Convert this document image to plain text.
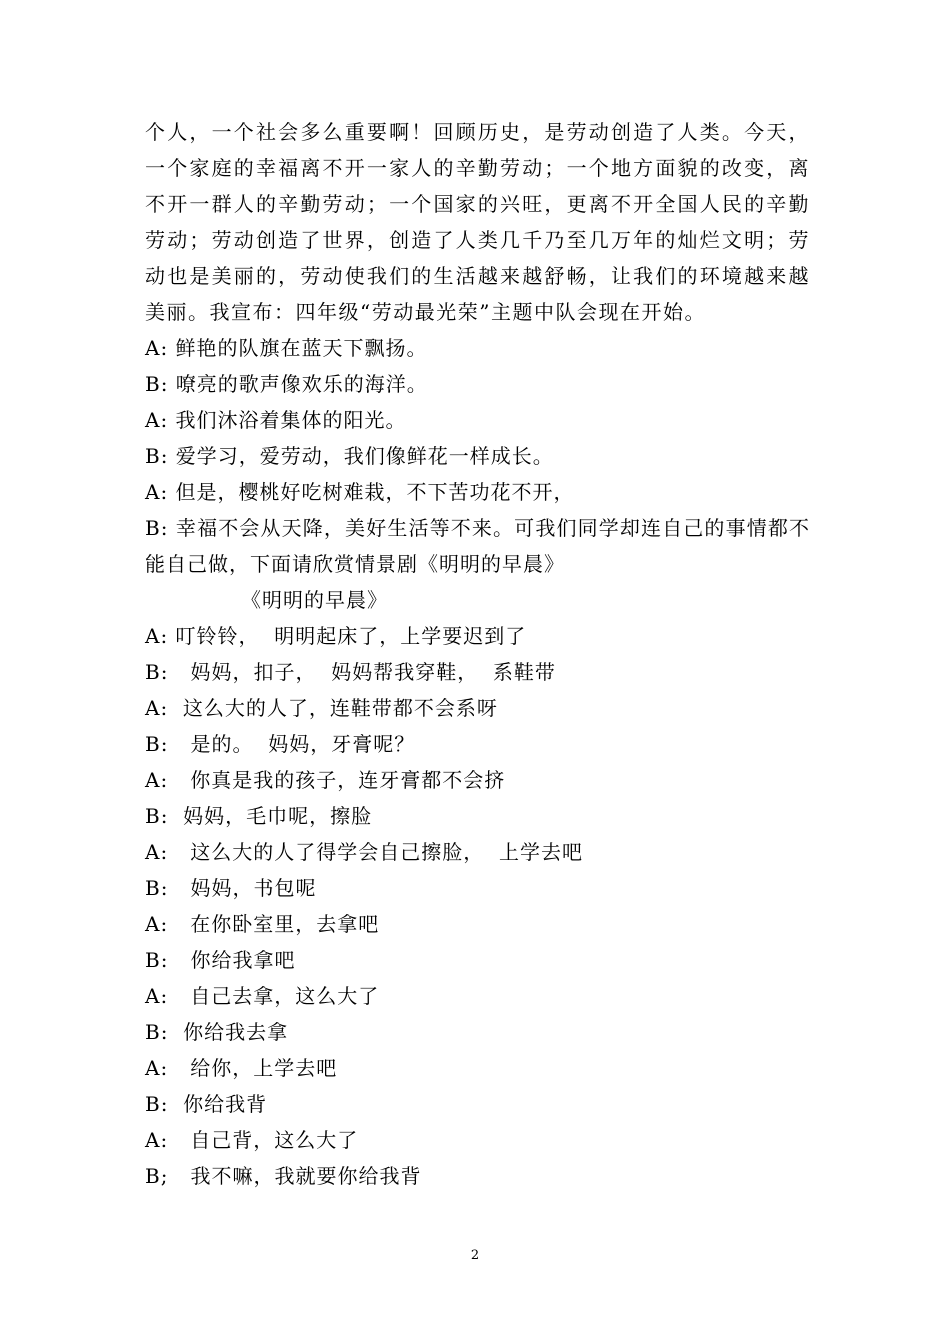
个人，一个社会多么重要啊！回顾历史，是劳动创造了人类。今天，一个家庭的幸福离不开一家人的辛勤劳动；一个地方面貌的改变，离不开一群人的辛勤劳动；一个国家的兴旺，更离不开全国人民的辛勤劳动；劳动创造了世界，创造了人类几千乃至几万年的灿烂文明；劳动也是美丽的，劳动使我们的生活越来越舒畅，让我们的环境越来越美丽。我宣布：四年级“劳动最光荣”主题中队会现在开始。

A: 鲜艳的队旗在蓝天下飘扬。

B: 嘹亮的歌声像欢乐的海洋。

A: 我们沐浴着集体的阳光。

B: 爱学习，爱劳动，我们像鲜花一样成长。

A: 但是，樱桃好吃树难栽，不下苦功花不开，

B: 幸福不会从天降，美好生活等不来。可我们同学却连自己的事情都不能自己做，下面请欣赏情景剧《明明的早晨》

《明明的早晨》

A: 叮铃铃，  明明起床了，上学要迟到了

B:   妈妈，扣子，  妈妈帮我穿鞋，  系鞋带

A:  这么大的人了，连鞋带都不会系呀

B:   是的。  妈妈，牙膏呢？

A:   你真是我的孩子，连牙膏都不会挤

B:  妈妈，毛巾呢，擦脸

A:   这么大的人了得学会自己擦脸，  上学去吧

B:   妈妈，书包呢

A:   在你卧室里，去拿吧

B:   你给我拿吧

A:   自己去拿，这么大了

B:  你给我去拿

A:   给你，上学去吧

B:  你给我背

A:   自己背，这么大了

B;   我不嘛，我就要你给我背

2
